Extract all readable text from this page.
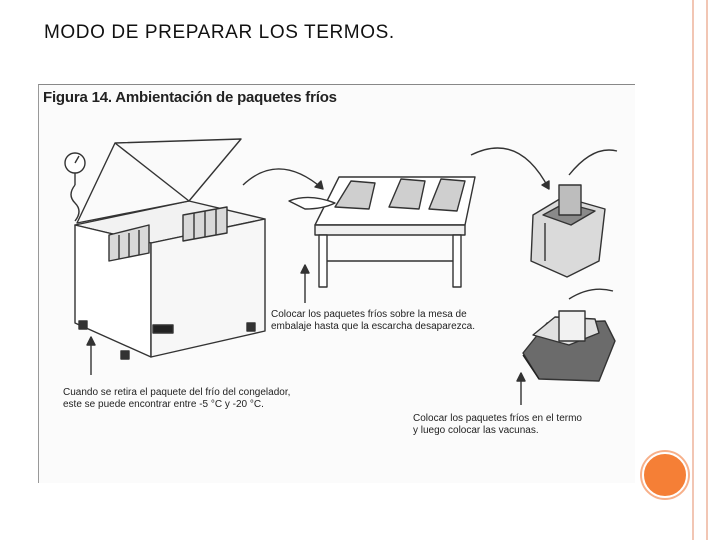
MODO DE PREPARAR LOS TERMOS.
Figura 14. Ambientación de paquetes fríos
Cuando se retira el paquete del frío del congelador,
este se puede encontrar entre -5 °C y -20 °C.
Colocar los paquetes fríos sobre la mesa de
embalaje hasta que la escarcha desaparezca.
Colocar los paquetes fríos en el termo
y luego colocar las vacunas.
